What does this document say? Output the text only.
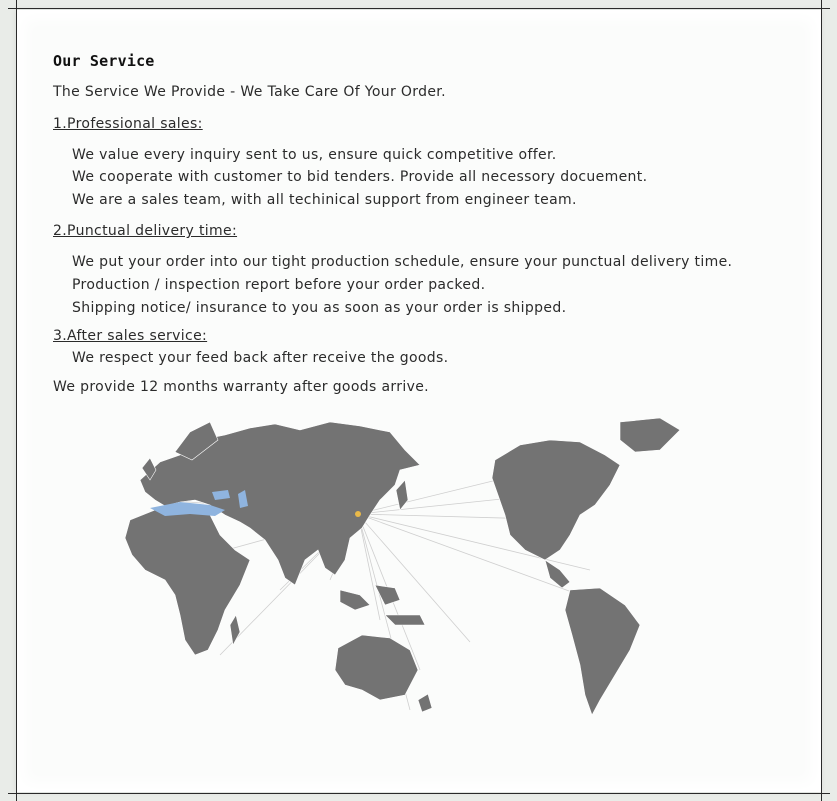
Our Service
The Service We Provide - We Take Care Of Your Order.
1.Professional sales:
We value every inquiry sent to us, ensure quick competitive offer.
We cooperate with customer to bid tenders. Provide all necessory docuement.
We are a sales team, with all techinical support from engineer team.
2.Punctual delivery time:
We put your order into our tight production schedule, ensure your punctual delivery time.
Production / inspection report before your order packed.
Shipping notice/ insurance to you as soon as your order is shipped.
3.After sales service:
We respect your feed back after receive the goods.
We provide 12 months warranty after goods arrive.
